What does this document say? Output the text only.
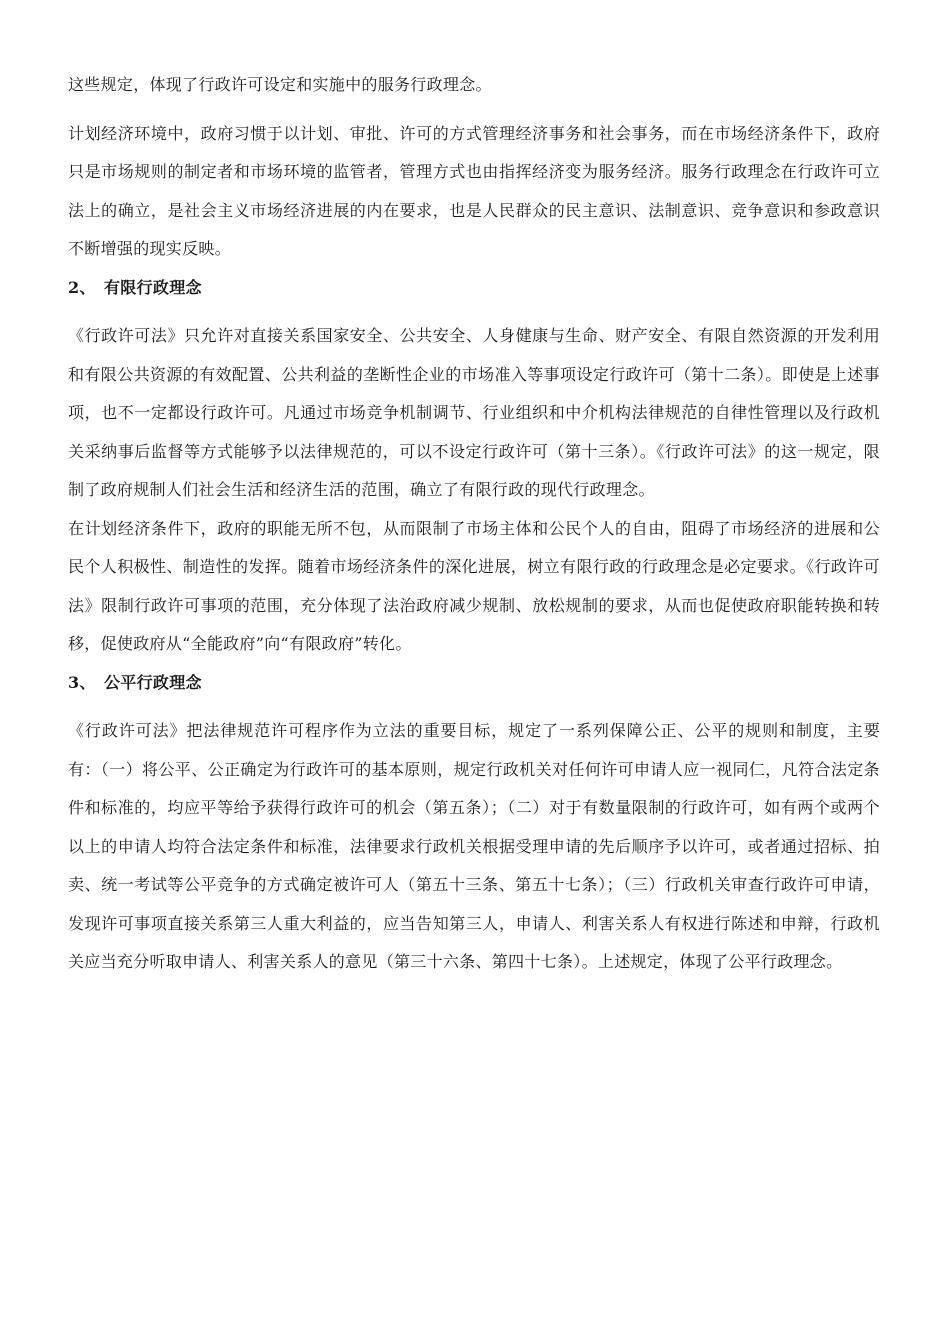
这些规定，体现了行政许可设定和实施中的服务行政理念。

计划经济环境中，政府习惯于以计划、审批、许可的方式管理经济事务和社会事务，而在市场经济条件下，政府只是市场规则的制定者和市场环境的监管者，管理方式也由指挥经济变为服务经济。服务行政理念在行政许可立法上的确立，是社会主义市场经济进展的内在要求，也是人民群众的民主意识、法制意识、竞争意识和参政意识不断增强的现实反映。

2、 有限行政理念

《行政许可法》只允许对直接关系国家安全、公共安全、人身健康与生命、财产安全、有限自然资源的开发利用和有限公共资源的有效配置、公共利益的垄断性企业的市场准入等事项设定行政许可（第十二条）。即使是上述事项，也不一定都设行政许可。凡通过市场竞争机制调节、行业组织和中介机构法律规范的自律性管理以及行政机关采纳事后监督等方式能够予以法律规范的，可以不设定行政许可（第十三条）。《行政许可法》的这一规定，限制了政府规制人们社会生活和经济生活的范围，确立了有限行政的现代行政理念。

在计划经济条件下，政府的职能无所不包，从而限制了市场主体和公民个人的自由，阻碍了市场经济的进展和公民个人积极性、制造性的发挥。随着市场经济条件的深化进展，树立有限行政的行政理念是必定要求。《行政许可法》限制行政许可事项的范围，充分体现了法治政府减少规制、放松规制的要求，从而也促使政府职能转换和转移，促使政府从“全能政府”向“有限政府”转化。

3、 公平行政理念

《行政许可法》把法律规范许可程序作为立法的重要目标，规定了一系列保障公正、公平的规则和制度，主要有：（一）将公平、公正确定为行政许可的基本原则，规定行政机关对任何许可申请人应一视同仁，凡符合法定条件和标准的，均应平等给予获得行政许可的机会（第五条）；（二）对于有数量限制的行政许可，如有两个或两个以上的申请人均符合法定条件和标准，法律要求行政机关根据受理申请的先后顺序予以许可，或者通过招标、拍卖、统一考试等公平竞争的方式确定被许可人（第五十三条、第五十七条）；（三）行政机关审查行政许可申请，发现许可事项直接关系第三人重大利益的，应当告知第三人，申请人、利害关系人有权进行陈述和申辩，行政机关应当充分听取申请人、利害关系人的意见（第三十六条、第四十七条）。上述规定，体现了公平行政理念。
